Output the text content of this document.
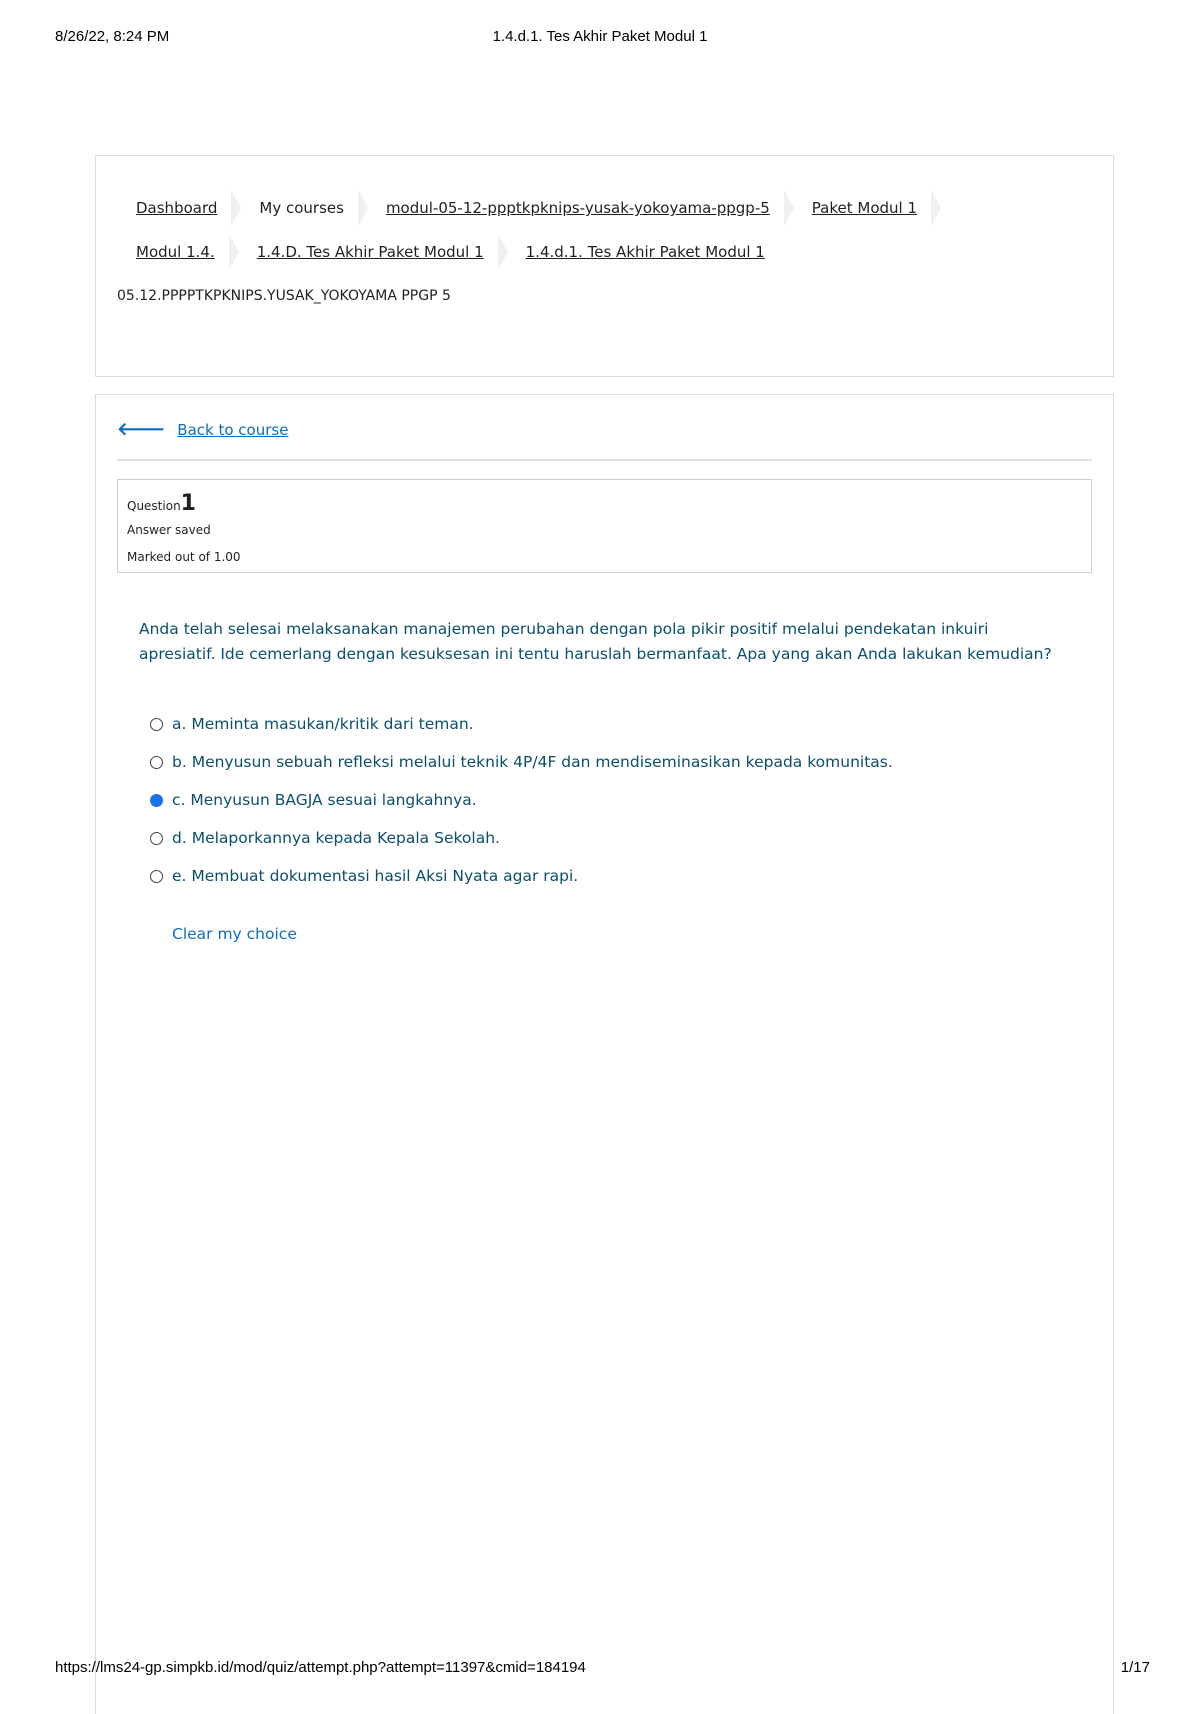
8/26/22, 8:24 PM	1.4.d.1. Tes Akhir Paket Modul 1
Dashboard	My courses	modul-05-12-ppptkpknips-yusak-yokoyama-ppgp-5	Paket Modul 1
Modul 1.4.	1.4.D. Tes Akhir Paket Modul 1	1.4.d.1. Tes Akhir Paket Modul 1
05.12.PPPPTKPKNIPS.YUSAK_YOKOYAMA PPGP 5
🡐 Back to course
Question1
Answer saved
Marked out of 1.00
Anda telah selesai melaksanakan manajemen perubahan dengan pola pikir positif melalui pendekatan inkuiri apresiatif. Ide cemerlang dengan kesuksesan ini tentu haruslah bermanfaat. Apa yang akan Anda lakukan kemudian?
a. Meminta masukan/kritik dari teman.
b. Menyusun sebuah refleksi melalui teknik 4P/4F dan mendiseminasikan kepada komunitas.
c. Menyusun BAGJA sesuai langkahnya.
d. Melaporkannya kepada Kepala Sekolah.
e. Membuat dokumentasi hasil Aksi Nyata agar rapi.
Clear my choice
https://lms24-gp.simpkb.id/mod/quiz/attempt.php?attempt=11397&cmid=184194	1/17
